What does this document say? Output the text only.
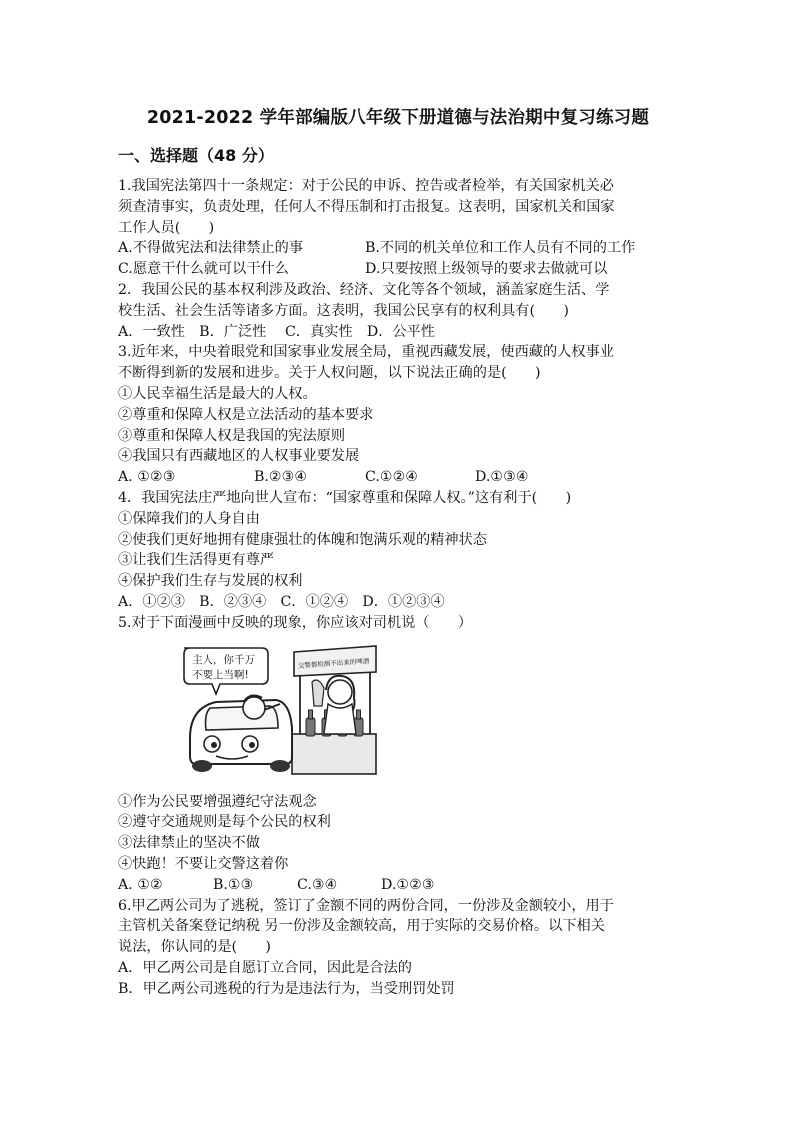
2021-2022 学年部编版八年级下册道德与法治期中复习练习题
一、选择题（48 分）
1.我国宪法第四十一条规定：对于公民的申诉、控告或者检举，有关国家机关必
须查清事实，负责处理，任何人不得压制和打击报复。这表明，国家机关和国家
工作人员(　　)
A.不得做宪法和法律禁止的事	B.不同的机关单位和工作人员有不同的工作
C.愿意干什么就可以干什么	D.只要按照上级领导的要求去做就可以
2．我国公民的基本权利涉及政治、经济、文化等各个领域，涵盖家庭生活、学
校生活、社会生活等诸多方面。这表明，我国公民享有的权利具有(　　)
A．一致性　B．广泛性　 C．真实性　D．公平性
3.近年来，中央着眼党和国家事业发展全局，重视西藏发展，使西藏的人权事业
不断得到新的发展和进步。关于人权问题，以下说法正确的是(　　)
①人民幸福生活是最大的人权。
②尊重和保障人权是立法活动的基本要求
③尊重和保障人权是我国的宪法原则
④我国只有西藏地区的人权事业要发展
A. ①②③	B.②③④	C.①②④	D.①③④
4．我国宪法庄严地向世人宣布：“国家尊重和保障人权。”这有利于(　　)
①保障我们的人身自由
②使我们更好地拥有健康强壮的体魄和饱满乐观的精神状态
③让我们生活得更有尊严
④保护我们生存与发展的权利
A．①②③　B．②③④　C．①②④　D．①②③④
5.对于下面漫画中反映的现象，你应该对司机说（　　）
主人，你千万
不要上当啊!
交警都检测不出来的啤酒
①作为公民要增强遵纪守法观念
②遵守交通规则是每个公民的权利
③法律禁止的坚决不做
④快跑！不要让交警这着你
A. ①②	B.①③	C.③④	D.①②③
6.甲乙两公司为了逃税，签订了金额不同的两份合同，一份涉及金额较小，用于
主管机关备案登记纳税 另一份涉及金额较高，用于实际的交易价格。以下相关
说法，你认同的是(　　)
A．甲乙两公司是自愿订立合同，因此是合法的
B．甲乙两公司逃税的行为是违法行为，当受刑罚处罚
